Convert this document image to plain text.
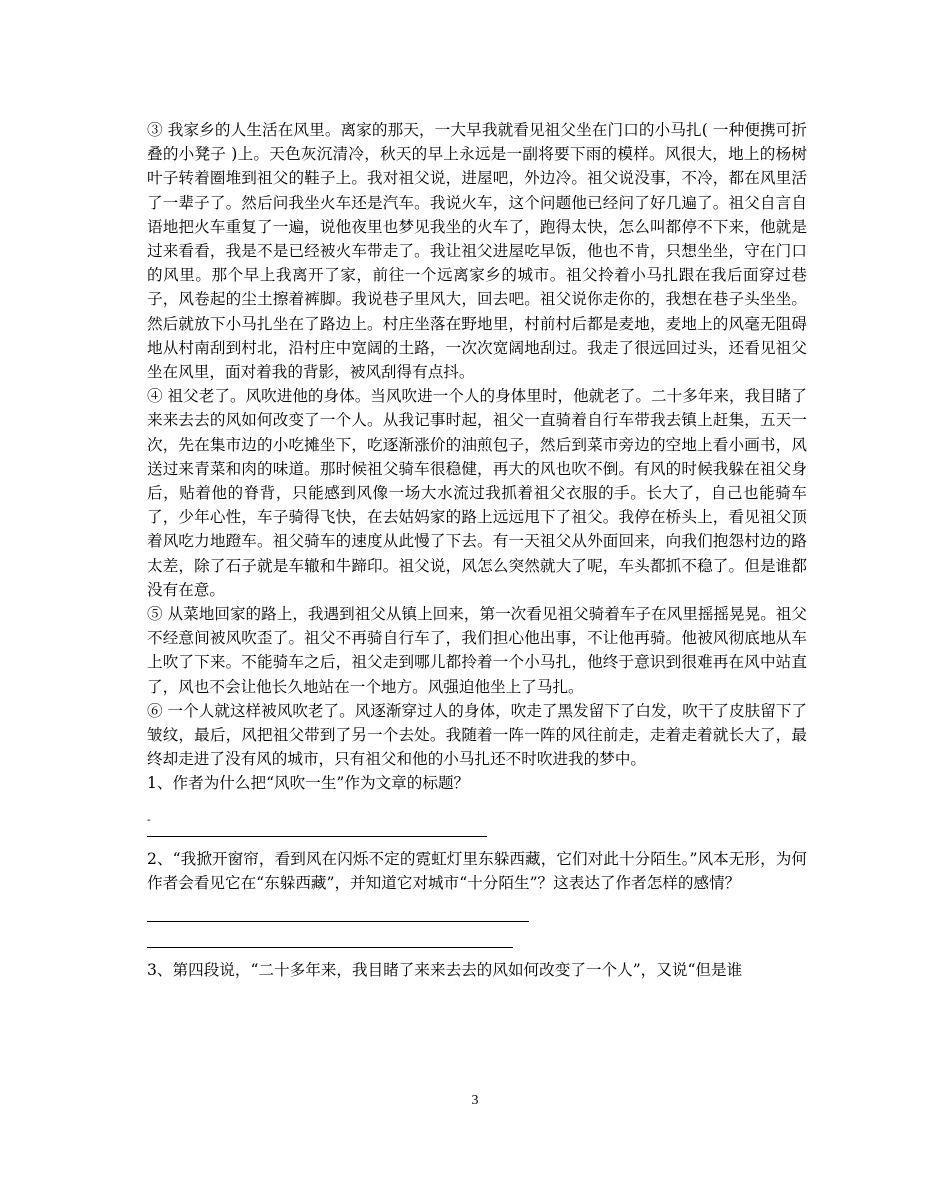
③ 我家乡的人生活在风里。离家的那天，一大早我就看见祖父坐在门口的小马扎( 一种便携可折叠的小凳子 )上。天色灰沉清冷，秋天的早上永远是一副将要下雨的模样。风很大，地上的杨树叶子转着圈堆到祖父的鞋子上。我对祖父说，进屋吧，外边冷。祖父说没事，不冷，都在风里活了一辈子了。然后问我坐火车还是汽车。我说火车，这个问题他已经问了好几遍了。祖父自言自语地把火车重复了一遍，说他夜里也梦见我坐的火车了，跑得太快，怎么叫都停不下来，他就是过来看看，我是不是已经被火车带走了。我让祖父进屋吃早饭，他也不肯，只想坐坐，守在门口的风里。那个早上我离开了家，前往一个远离家乡的城市。祖父拎着小马扎跟在我后面穿过巷子，风卷起的尘土擦着裤脚。我说巷子里风大，回去吧。祖父说你走你的，我想在巷子头坐坐。然后就放下小马扎坐在了路边上。村庄坐落在野地里，村前村后都是麦地，麦地上的风毫无阻碍地从村南刮到村北，沿村庄中宽阔的土路，一次次宽阔地刮过。我走了很远回过头，还看见祖父坐在风里，面对着我的背影，被风刮得有点抖。

④ 祖父老了。风吹进他的身体。当风吹进一个人的身体里时，他就老了。二十多年来，我目睹了来来去去的风如何改变了一个人。从我记事时起，祖父一直骑着自行车带我去镇上赶集，五天一次，先在集市边的小吃摊坐下，吃逐渐涨价的油煎包子，然后到菜市旁边的空地上看小画书，风送过来青菜和肉的味道。那时候祖父骑车很稳健，再大的风也吹不倒。有风的时候我躲在祖父身后，贴着他的脊背，只能感到风像一场大水流过我抓着祖父衣服的手。长大了，自己也能骑车了，少年心性，车子骑得飞快，在去姑妈家的路上远远甩下了祖父。我停在桥头上，看见祖父顶着风吃力地蹬车。祖父骑车的速度从此慢了下去。有一天祖父从外面回来，向我们抱怨村边的路太差，除了石子就是车辙和牛蹄印。祖父说，风怎么突然就大了呢，车头都抓不稳了。但是谁都没有在意。

⑤ 从菜地回家的路上，我遇到祖父从镇上回来，第一次看见祖父骑着车子在风里摇摇晃晃。祖父不经意间被风吹歪了。祖父不再骑自行车了，我们担心他出事，不让他再骑。他被风彻底地从车上吹了下来。不能骑车之后，祖父走到哪儿都拎着一个小马扎，他终于意识到很难再在风中站直了，风也不会让他长久地站在一个地方。风强迫他坐上了马扎。

⑥ 一个人就这样被风吹老了。风逐渐穿过人的身体，吹走了黑发留下了白发，吹干了皮肤留下了皱纹，最后，风把祖父带到了另一个去处。我随着一阵一阵的风往前走，走着走着就长大了，最终却走进了没有风的城市，只有祖父和他的小马扎还不时吹进我的梦中。

1、作者为什么把“风吹一生”作为文章的标题？

-

2、“我掀开窗帘，看到风在闪烁不定的霓虹灯里东躲西藏，它们对此十分陌生。”风本无形，为何作者会看见它在“东躲西藏”，并知道它对城市“十分陌生”？这表达了作者怎样的感情？

3、第四段说，“二十多年来，我目睹了来来去去的风如何改变了一个人”，又说“但是谁

3
